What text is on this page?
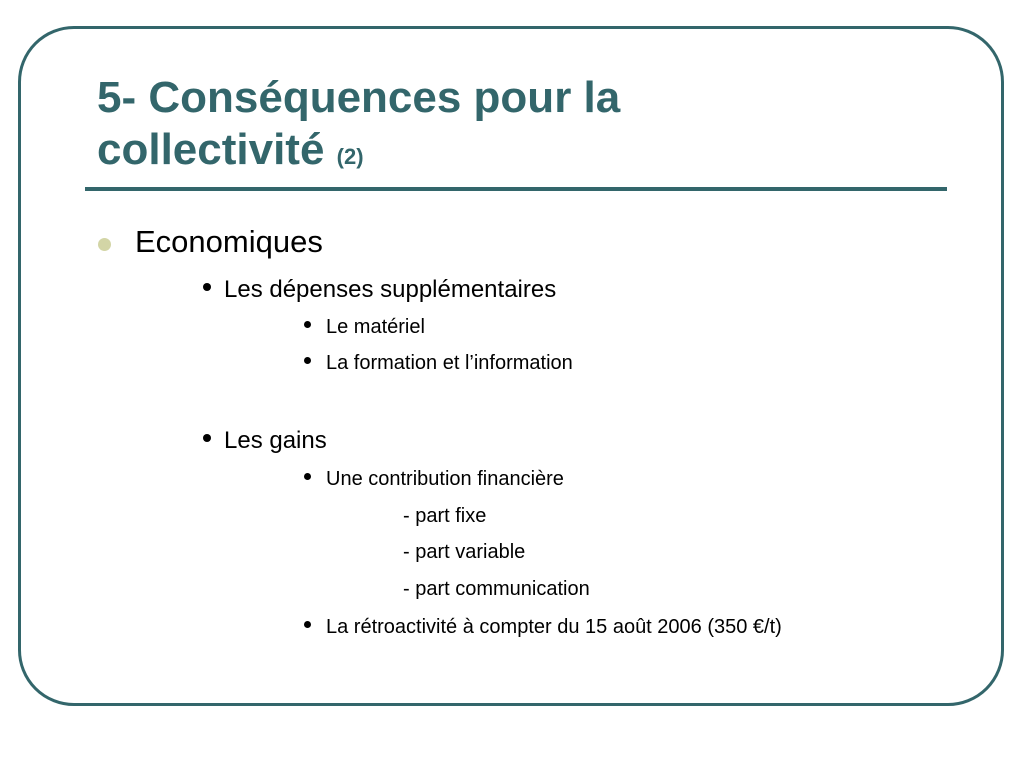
5- Conséquences pour la
collectivité (2)

Economiques

Les dépenses supplémentaires

Le matériel

La formation et l’information

Les gains

Une contribution financière

- part fixe

- part variable

- part communication

La rétroactivité à compter du 15 août 2006 (350 €/t)
